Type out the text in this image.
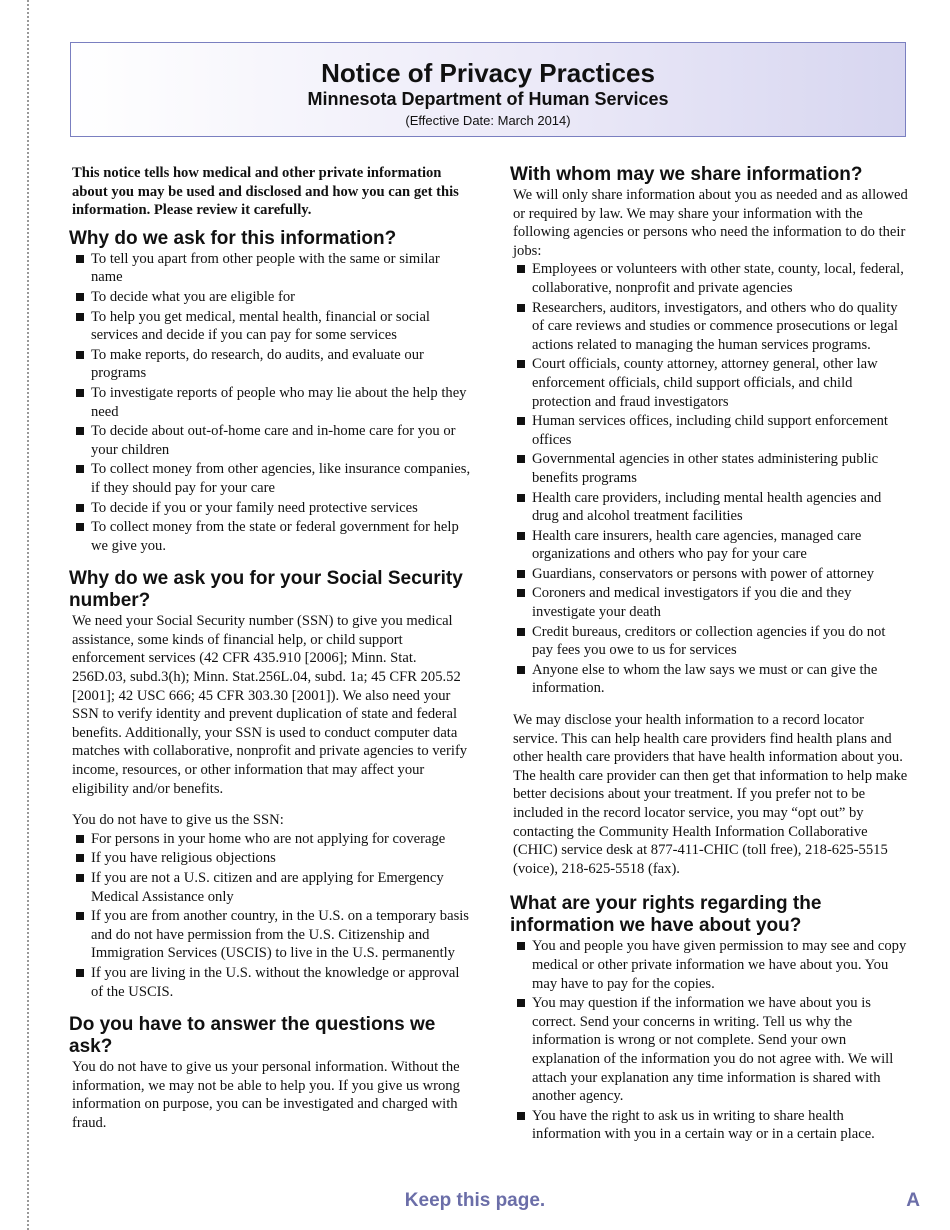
Notice of Privacy Practices
Minnesota Department of Human Services
(Effective Date: March 2014)

This notice tells how medical and other private information about you may be used and disclosed and how you can get this information. Please review it carefully.

Why do we ask for this information?
To tell you apart from other people with the same or similar name
To decide what you are eligible for
To help you get medical, mental health, financial or social services and decide if you can pay for some services
To make reports, do research, do audits, and evaluate our programs
To investigate reports of people who may lie about the help they need
To decide about out-of-home care and in-home care for you or your children
To collect money from other agencies, like insurance companies, if they should pay for your care
To decide if you or your family need protective services
To collect money from the state or federal government for help we give you.
Why do we ask you for your Social Security number?

We need your Social Security number (SSN) to give you medical assistance, some kinds of financial help, or child support enforcement services (42 CFR 435.910 [2006]; Minn. Stat. 256D.03, subd.3(h); Minn. Stat.256L.04, subd. 1a; 45 CFR 205.52 [2001]; 42 USC 666; 45 CFR 303.30 [2001]). We also need your SSN to verify identity and prevent duplication of state and federal benefits. Additionally, your SSN is used to conduct computer data matches with collaborative, nonprofit and private agencies to verify income, resources, or other information that may affect your eligibility and/or benefits.

You do not have to give us the SSN:

For persons in your home who are not applying for coverage
If you have religious objections
If you are not a U.S. citizen and are applying for Emergency Medical Assistance only
If you are from another country, in the U.S. on a temporary basis and do not have permission from the U.S. Citizenship and Immigration Services (USCIS) to live in the U.S. permanently
If you are living in the U.S. without the knowledge or approval of the USCIS.
Do you have to answer the questions we ask?

You do not have to give us your personal information. Without the information, we may not be able to help you. If you give us wrong information on purpose, you can be investigated and charged with fraud.

With whom may we share information?

We will only share information about you as needed and as allowed or required by law. We may share your information with the following agencies or persons who need the information to do their jobs:

Employees or volunteers with other state, county, local, federal, collaborative, nonprofit and private agencies
Researchers, auditors, investigators, and others who do quality of care reviews and studies or commence prosecutions or legal actions related to managing the human services programs.
Court officials, county attorney, attorney general, other law enforcement officials, child support officials, and child protection and fraud investigators
Human services offices, including child support enforcement offices
Governmental agencies in other states administering public benefits programs
Health care providers, including mental health agencies and drug and alcohol treatment facilities
Health care insurers, health care agencies, managed care organizations and others who pay for your care
Guardians, conservators or persons with power of attorney
Coroners and medical investigators if you die and they investigate your death
Credit bureaus, creditors or collection agencies if you do not pay fees you owe to us for services
Anyone else to whom the law says we must or can give the information.

We may disclose your health information to a record locator service. This can help health care providers find health plans and other health care providers that have health information about you. The health care provider can then get that information to help make better decisions about your treatment. If you prefer not to be included in the record locator service, you may “opt out” by contacting the Community Health Information Collaborative (CHIC) service desk at 877-411-CHIC (toll free), 218-625-5515 (voice), 218-625-5518 (fax).

What are your rights regarding the information we have about you?
You and people you have given permission to may see and copy medical or other private information we have about you. You may have to pay for the copies.
You may question if the information we have about you is correct. Send your concerns in writing. Tell us why the information is wrong or not complete. Send your own explanation of the information you do not agree with. We will attach your explanation any time information is shared with another agency.
You have the right to ask us in writing to share health information with you in a certain way or in a certain place.
Keep this page.	A
